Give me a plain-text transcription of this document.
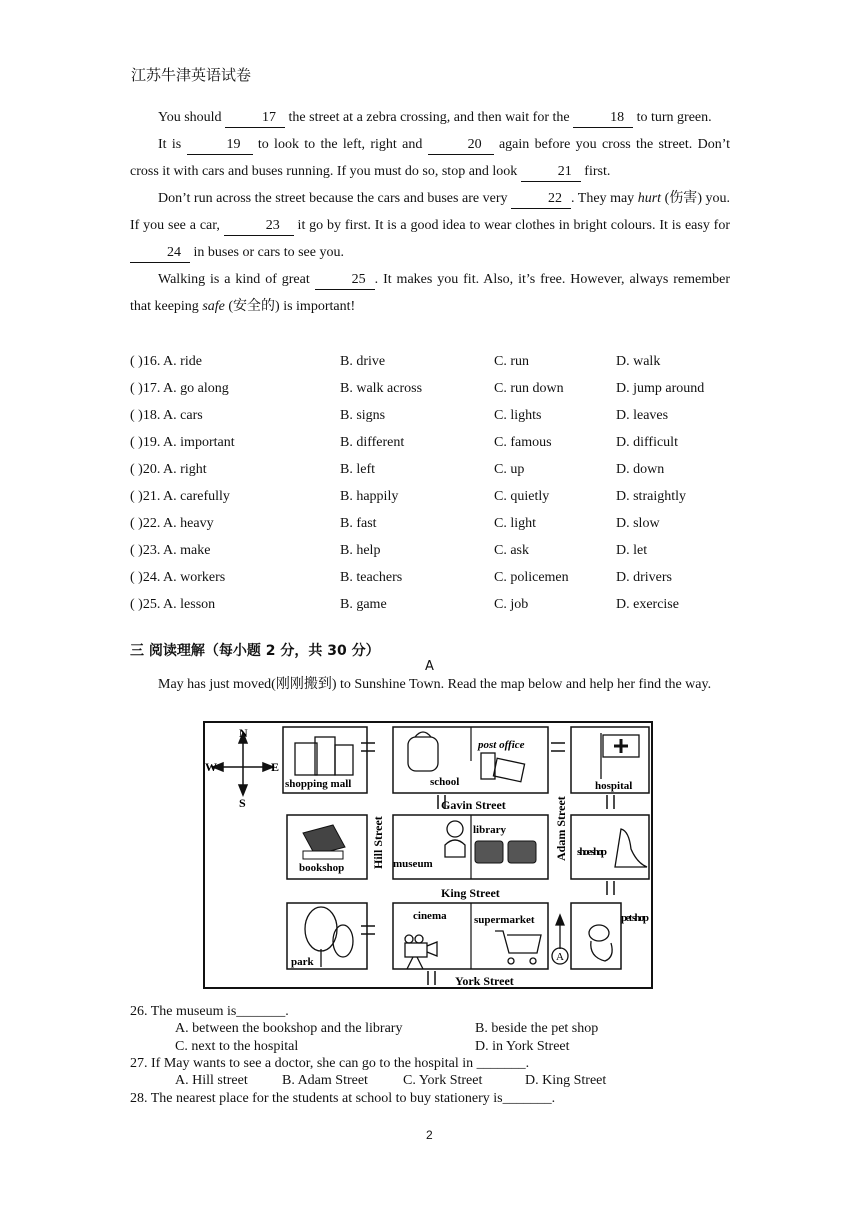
江苏牛津英语试卷

You should	17 the street at a zebra crossing, and then wait for the	18 to turn green.

It is	19 to look to the left, right and	20 again before you cross the street. Don’t cross it with cars and buses running. If you must do so, stop and look	21 first.

Don’t run across the street because the cars and buses are very	22 . They may hurt (伤害) you. If you see a car,	23 it go by first. It is a good idea to wear clothes in bright colours. It is easy for 24 in buses or cars to see you.

Walking is a kind of great	25 . It makes you fit. Also, it’s free. However, always remember that keeping safe (安全的) is important!

( )16. A. ride	B. drive	C. run	D. walk
( )17. A. go along	B. walk across	C. run down	D. jump around
( )18. A. cars	B. signs	C. lights	D. leaves
( )19. A. important	B. different	C. famous	D. difficult
( )20. A. right	B. left	C. up	D. down
( )21. A. carefully	B. happily	C. quietly	D. straightly
( )22. A. heavy	B. fast	C. light	D. slow
( )23. A. make	B. help	C. ask	D. let
( )24. A. workers	B. teachers	C. policemen	D. drivers
( )25. A. lesson	B. game	C. job	D. exercise
三 阅读理解（每小题 2 分，共 30 分）
A
May has just moved(刚刚搬到) to Sunshine Town. Read the map below and help her find the way.
N
S
W	E
A
shopping mall	school
post office
hospital
bookshop	museum
library
shoe shop
park
cinema supermarket	pet shop
Gavin Street
King Street
York Street
Hill Street	Adam Street
26. The museum is_______.
A. between the bookshop and the library	B. beside the pet shop
C. next to the hospital	D. in York Street
27. If May wants to see a doctor, she can go to the hospital in _______.
A. Hill street B. Adam Street	C. York Street	D. King Street
28. The nearest place for the students at school to buy stationery is_______.
2
